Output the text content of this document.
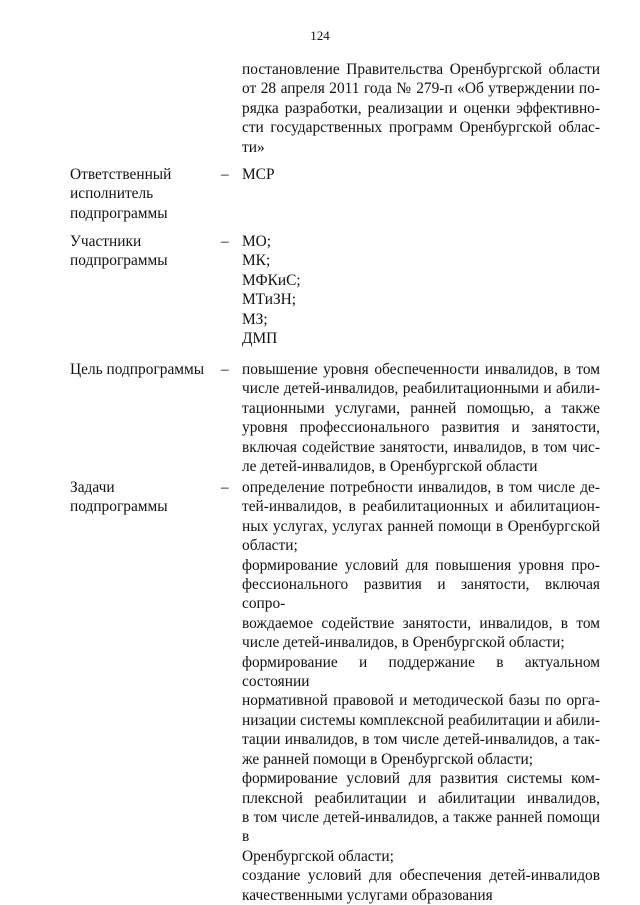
124
постановление Правительства Оренбургской области
от 28 апреля 2011 года № 279-п «Об утверждении по-
рядка разработки, реализации и оценки эффективно-
сти государственных программ Оренбургской облас-
ти»
Ответственный
исполнитель
подпрограммы
– МСР
Участники
подпрограммы
– МО;
МК;
МФКиС;
МТиЗН;
МЗ;
ДМП
Цель подпрограммы	– повышение уровня обеспеченности инвалидов, в том
числе детей-инвалидов, реабилитационными и абили-
тационными услугами, ранней помощью, а также
уровня профессионального развития и занятости,
включая содействие занятости, инвалидов, в том чис-
ле детей-инвалидов, в Оренбургской области
Задачи
подпрограммы
– определение потребности инвалидов, в том числе де-
тей-инвалидов, в реабилитационных и абилитацион-
ных услугах, услугах ранней помощи в Оренбургской
области;
формирование условий для повышения уровня про-
фессионального развития и занятости, включая сопро-
вождаемое содействие занятости, инвалидов, в том
числе детей-инвалидов, в Оренбургской области;
формирование и поддержание в актуальном состоянии
нормативной правовой и методической базы по орга-
низации системы комплексной реабилитации и абили-
тации инвалидов, в том числе детей-инвалидов, а так-
же ранней помощи в Оренбургской области;
формирование условий для развития системы ком-
плексной реабилитации и абилитации инвалидов,
в том числе детей-инвалидов, а также ранней помощи в
Оренбургской области;
создание условий для обеспечения детей-инвалидов
качественными услугами образования
